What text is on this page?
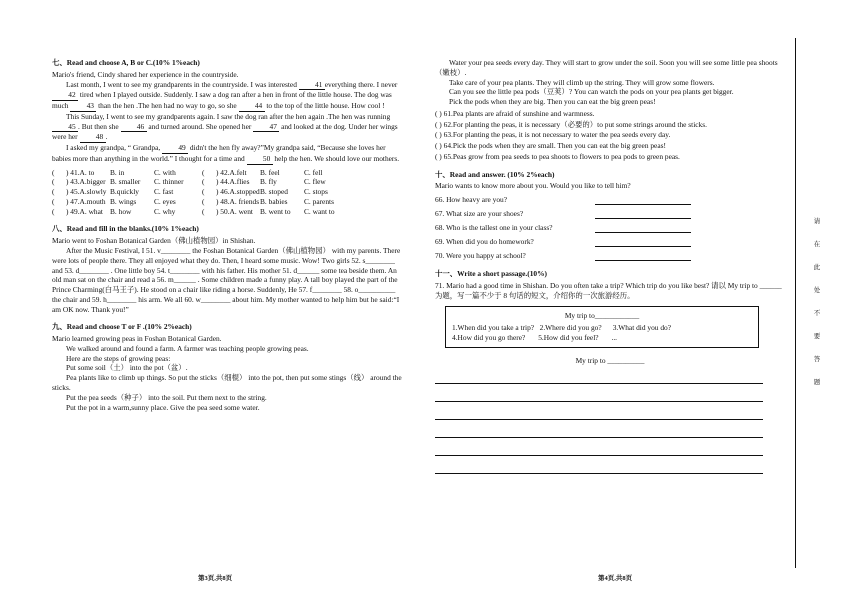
七、Read and choose A, B or C.(10% 1%each)

Mario's friend, Cindy shared her experience in the countryside.

Last month, I went to see my grandparents in the countryside. I was interested 41 everything there. I never 42 tired when I played outside. Suddenly. I saw a dog ran after a hen in front of the little house. The dog was much 43 than the hen .The hen had no way to go, so she 44 to the top of the little house. How cool !

This Sunday, I went to see my grandparents again. I saw the dog ran after the hen again .The hen was running 45 . But then she 46 and turned around. She opened her 47 and looked at the dog. Under her wings were her 48 .

I asked my grandpa, “ Grandpa, 49 didn't the hen fly away?”My grandpa said, “Because she loves her babies more than anything in the world.” I thought for a time and 50 help the hen. We should love our mothers.

(	) 41.A. to	B. in	C. with	(	) 42.A.felt	B. feel	C. fell
(	) 43.A.bigger B. smaller	C. thinner	(	) 44.A.flies	B. fly	C. flew
(	) 45.A.slowly B.quickly	C. fast	(	) 46.A.stopped B. stoped	C. stops
(	) 47.A.mouth B. wings	C. eyes	(	) 48.A. friends B. babies	C. parents
(	) 49.A. what B. how	C. why	(	) 50.A. went B. went to	C. want to

八、Read and fill in the blanks.(10% 1%each)

Mario went to Foshan Botanical Garden（佛山植物园）in Shishan.

After the Music Festival, I 51. v________ the Foshan Botanical Garden（佛山植物园） with my parents. There were lots of people there. They all enjoyed what they do. Then, I heard some music. Wow! Two girls 52. s________ and 53. d________ . One little boy 54. t________ with his father. His mother 51. d______ some tea beside them. An old man sat on the chair and read a 56. m______ . Some children made a funny play. A tall boy played the part of the Prince Charming(白马王子). He stood on a chair like riding a horse. Suddenly, He 57. f________ 58. o__________ the chair and 59. h________ his arm. We all 60. w________ about him. My mother wanted to help him but he said:“I am OK now. Thank you!”

九、Read and choose T or F .(10% 2%each)

Mario learned growing peas in Foshan Botanical Garden.

We walked around and found a farm. A farmer was teaching people growing peas.

Here are the steps of growing peas:

Put some soil（土） into the pot（盆）.

Pea plants like to climb up things. So put the sticks（细棍） into the pot, then put some stings（线） around the sticks.

Put the pea seeds（种子） into the soil. Put them next to the string.

Put the pot in a warm,sunny place. Give the pea seed some water.

Water your pea seeds every day. They will start to grow under the soil. Soon you will see some little pea shoots（嫩枝）.

Take care of your pea plants. They will climb up the string. They will grow some flowers.

Can you see the little pea pods（豆荚）? You can watch the pods on your pea plants get bigger.

Pick the pods when they are big. Then you can eat the big green peas!

( ) 61.Pea plants are afraid of sunshine and warmness.

( ) 62.For planting the peas, it is necessary（必要的）to put some strings around the sticks.

( ) 63.For planting the peas, it is not necessary to water the pea seeds every day.

( ) 64.Pick the pods when they are small. Then you can eat the big green peas!

( ) 65.Peas grow from pea seeds to pea shoots to flowers to pea pods to green peas.

十、Read and answer. (10% 2%each)

Mario wants to know more about you. Would you like to tell him?

66. How heavy are you?
67. What size are your shoes?
68. Who is the tallest one in your class?
69. When did you do homework?
70. Were you happy at school?

十一、Write a short passage.(10%)

71. Mario had a good time in Shishan. Do you often take a trip? Which trip do you like best? 请以 My trip to ______ 为题，写一篇不少于 8 句话的短文，介绍你的一次旅游经历。

My trip to____________
1.When did you take a trip?   2.Where did you go?      3.What did you do?
4.How did you go there?       5.How did you feel?       ...

My trip to __________

第3页,共8页	第4页,共8页
请
在
此
处
不
要
答
题
